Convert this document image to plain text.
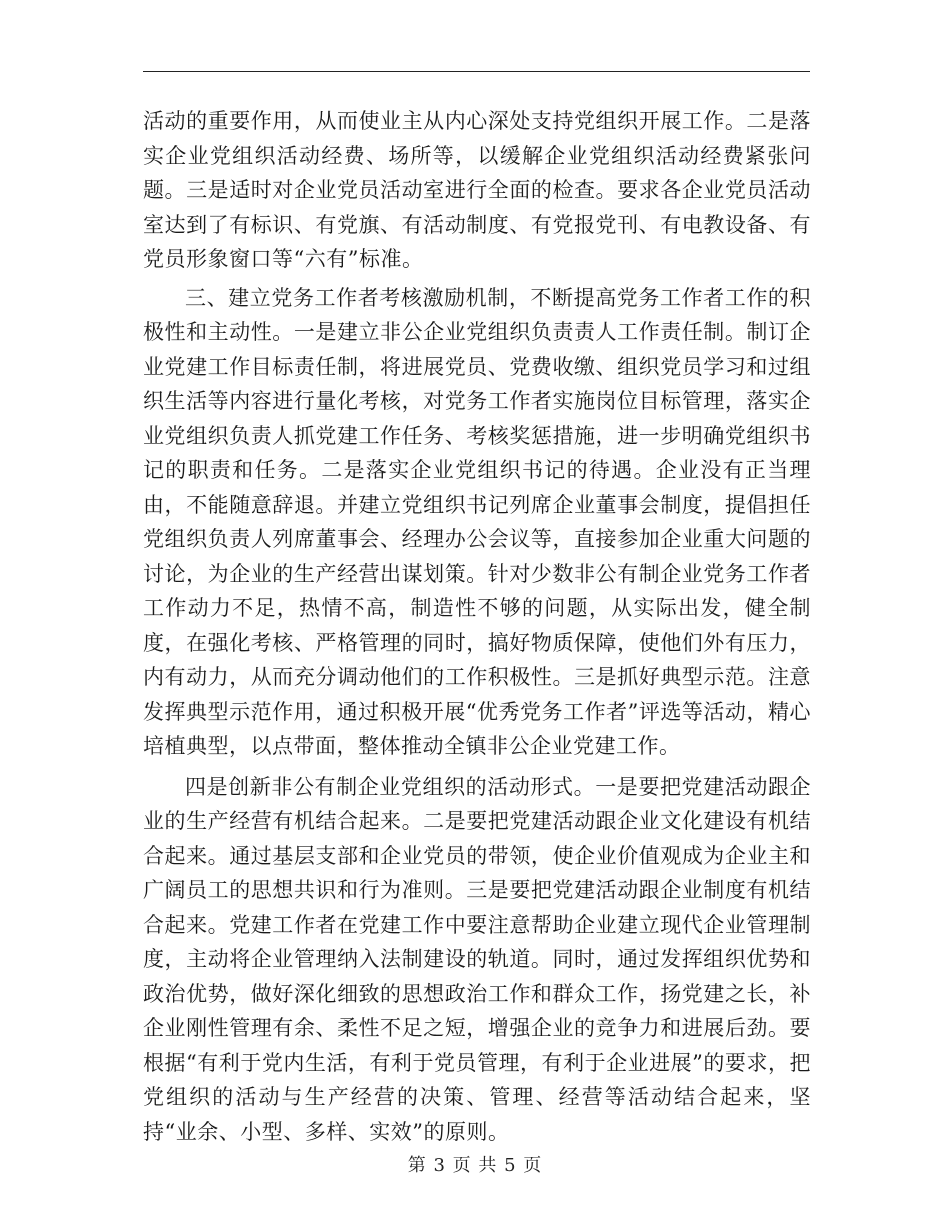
活动的重要作用，从而使业主从内心深处支持党组织开展工作。二是落实企业党组织活动经费、场所等，以缓解企业党组织活动经费紧张问题。三是适时对企业党员活动室进行全面的检查。要求各企业党员活动室达到了有标识、有党旗、有活动制度、有党报党刊、有电教设备、有党员形象窗口等“六有”标准。

三、建立党务工作者考核激励机制，不断提高党务工作者工作的积极性和主动性。一是建立非公企业党组织负责责人工作责任制。制订企业党建工作目标责任制，将进展党员、党费收缴、组织党员学习和过组织生活等内容进行量化考核，对党务工作者实施岗位目标管理，落实企业党组织负责人抓党建工作任务、考核奖惩措施，进一步明确党组织书记的职责和任务。二是落实企业党组织书记的待遇。企业没有正当理由，不能随意辞退。并建立党组织书记列席企业董事会制度，提倡担任党组织负责人列席董事会、经理办公会议等，直接参加企业重大问题的讨论，为企业的生产经营出谋划策。针对少数非公有制企业党务工作者工作动力不足，热情不高，制造性不够的问题，从实际出发，健全制度，在强化考核、严格管理的同时，搞好物质保障，使他们外有压力，内有动力，从而充分调动他们的工作积极性。三是抓好典型示范。注意发挥典型示范作用，通过积极开展“优秀党务工作者”评选等活动，精心培植典型，以点带面，整体推动全镇非公企业党建工作。

四是创新非公有制企业党组织的活动形式。一是要把党建活动跟企业的生产经营有机结合起来。二是要把党建活动跟企业文化建设有机结合起来。通过基层支部和企业党员的带领，使企业价值观成为企业主和广阔员工的思想共识和行为准则。三是要把党建活动跟企业制度有机结合起来。党建工作者在党建工作中要注意帮助企业建立现代企业管理制度，主动将企业管理纳入法制建设的轨道。同时，通过发挥组织优势和政治优势，做好深化细致的思想政治工作和群众工作，扬党建之长，补企业刚性管理有余、柔性不足之短，增强企业的竞争力和进展后劲。要根据“有利于党内生活，有利于党员管理，有利于企业进展”的要求，把党组织的活动与生产经营的决策、管理、经营等活动结合起来，坚持“业余、小型、多样、实效”的原则。

第 3 页 共 5 页
